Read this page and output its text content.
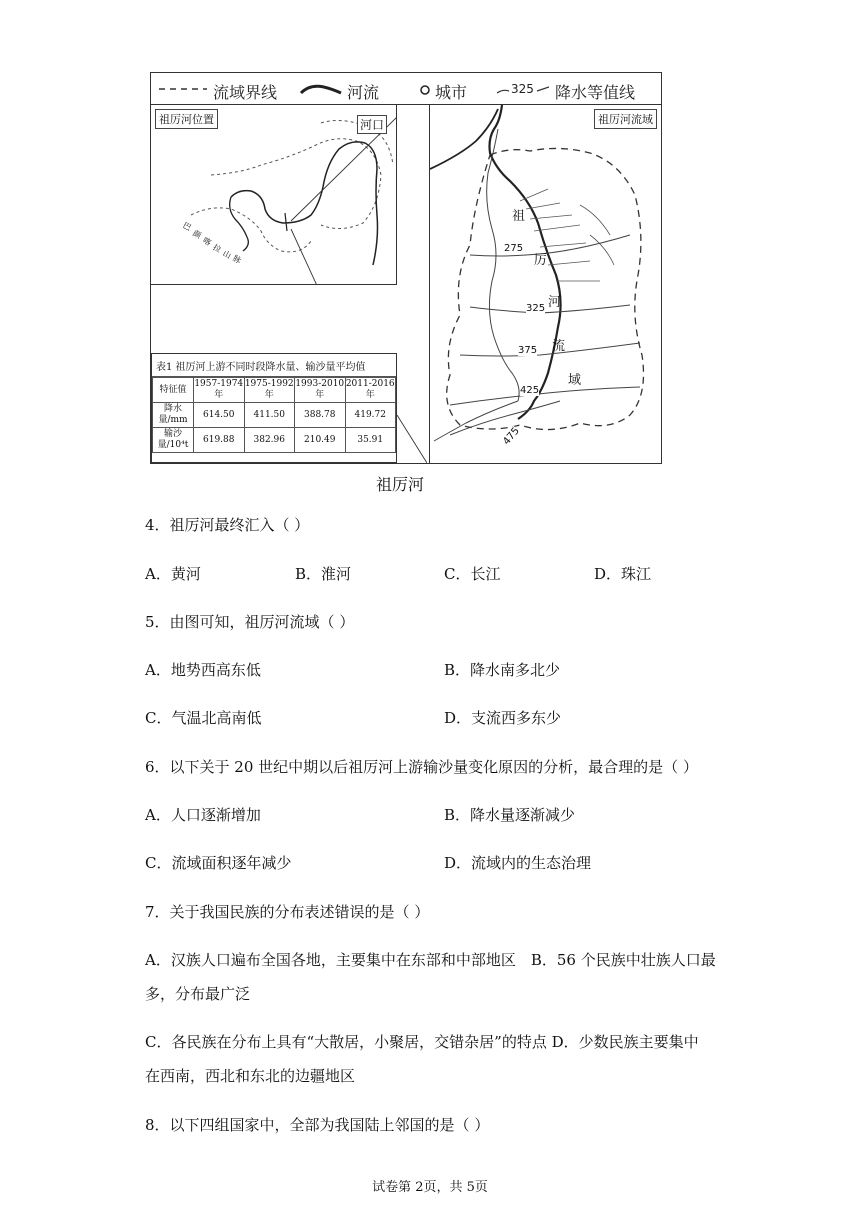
流域界线	河流	城市	325 降水等值线
祖厉河位置	河口
巴
颜
喀
拉
山
脉
表1 祖厉河上游不同时段降水量、输沙量平均值
特征值	1957-1974年	1975-1992年	1993-2010年	2011-2016年
降水量/mm	614.50	411.50	388.78	419.72
输沙量/10⁴t	619.88	382.96	210.49	35.91
祖厉河流域
275
325
375
425
475
祖
厉
河
流
域
祖厉河
4．祖厉河最终汇入（ ）
A．黄河	B．淮河	C．长江	D．珠江
5．由图可知，祖厉河流域（ ）
A．地势西高东低	B．降水南多北少
C．气温北高南低	D．支流西多东少
6．以下关于 20 世纪中期以后祖厉河上游输沙量变化原因的分析，最合理的是（ ）
A．人口逐渐增加	B．降水量逐渐减少
C．流域面积逐年减少	D．流域内的生态治理
7．关于我国民族的分布表述错误的是（ ）
A．汉族人口遍布全国各地，主要集中在东部和中部地区　B．56 个民族中壮族人口最
多，分布最广泛
C．各民族在分布上具有“大散居，小聚居，交错杂居”的特点 D．少数民族主要集中
在西南，西北和东北的边疆地区
8．以下四组国家中，全部为我国陆上邻国的是（ ）
试卷第 2页，共 5页
